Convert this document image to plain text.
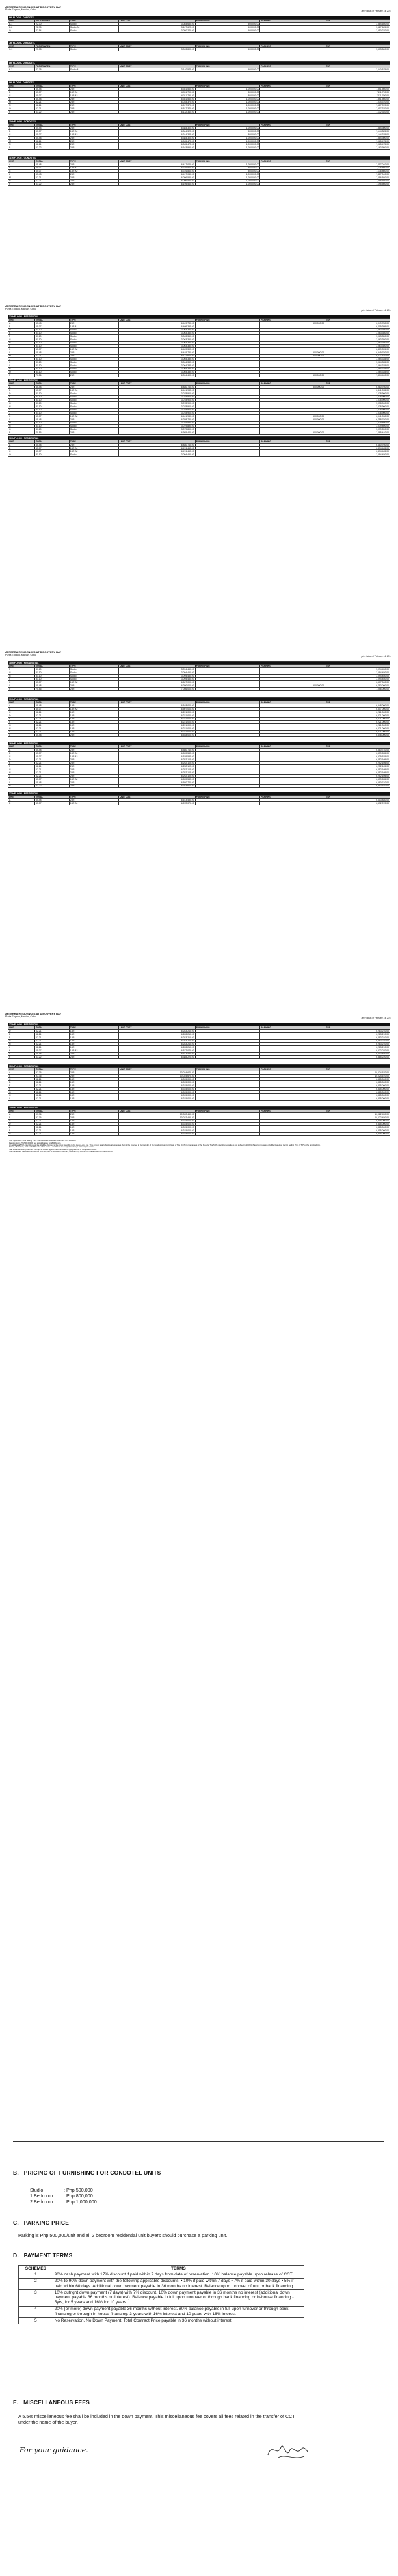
ARTERRA RESIDENCES AT DISCOVERY BAY
Punta Engano, Mactan, Cebu	price list as of February 14, 2014
6th FLOOR - CONDOTEL						
UNIT	FLOOR AREA	TYPE	UNIT COST	FURNISHING	PARKING	TSP
B-1	22.30	Studio	3,084,650.00	500,000.00		3,584,650.00
B-2	22.75	Studio A1	3,127,625.00	500,000.00		3,627,625.00
Q	22.94	Studio	3,050,270.00	500,000.00		3,550,270.00
7th FLOOR - CONDOTEL						
UNIT	FLOOR AREA	TYPE	UNIT COST	FURNISHING	PARKING	TSP
K-1	25.38	Studio	3,003,800.00	500,000.00		3,503,800.00
8th FLOOR - CONDOTEL						
UNIT	FLOOR AREA	TYPE	UNIT COST	FURNISHING	PARKING	TSP
K-2	22.75	Studio A1	3,140,575.00	500,000.00		3,640,575.00
9th FLOOR - CONDOTEL						
UNIT	TOTAL	TYPE	UNIT COST	FURNISHING	PARKING	TSP
A	65.48	2BR	6,351,560.00	1,000,000.00		7,351,560.00
B	65.07	1BR A1	6,311,790.00	800,000.00		7,111,790.00
C	65.07	1BR A2	6,311,790.00	800,000.00		7,111,790.00
L	65.48	2BR	6,351,560.00	1,000,000.00		7,351,560.00
M	62.21	2BR	6,034,370.00	1,000,000.00		7,034,370.00
N	62.21	2BR	6,517,370.00	1,000,000.00		7,517,370.00
O	62.21	2BR	6,517,370.00	1,000,000.00		7,517,370.00
P	63.22	2BR	6,132,340.00	1,000,000.00		7,132,340.00
10th FLOOR - CONDOTEL						
UNIT	TOTAL	TYPE	UNIT COST	FURNISHING	PARKING	TSP
A	65.48	2BR	6,384,300.00	1,000,000.00		7,384,300.00
B	65.07	1BR A1	6,344,325.00	800,000.00		7,144,325.00
C	65.07	1BR A2	6,344,325.00	800,000.00		7,144,325.00
L	65.48	2BR	6,384,300.00	1,000,000.00		7,384,300.00
M	62.21	2BR	6,065,475.00	1,000,000.00		7,065,475.00
N	62.21	2BR	6,065,475.00	1,000,000.00		7,065,475.00
P	63.22	2BR	6,163,950.00	1,000,000.00		7,163,950.00
11th FLOOR - CONDOTEL						
UNIT	TOTAL	TYPE	UNIT COST	FURNISHING	PARKING	TSP
A	65.48	2BR	6,417,040.00	1,000,000.00		7,417,040.00
B	65.07	1BR A1	6,376,860.00	800,000.00		7,176,860.00
C	65.07	1BR A2	6,376,860.00	800,000.00		7,176,860.00
L	65.48	2BR	6,417,040.00	1,000,000.00		7,417,040.00
M	62.21	2BR	6,096,580.00	1,000,000.00		7,096,580.00
N	62.21	2BR	6,096,580.00	1,000,000.00		7,096,580.00
P	63.22	2BR	6,195,560.00	1,000,000.00		7,195,560.00
ARTERRA RESIDENCES AT DISCOVERY BAY
Punta Engano, Mactan, Cebu	price list as of February 14, 2014
12th FLOOR - RESIDENTIAL						
UNIT	TOTAL	TYPE	UNIT COST	FURNISHING	PARKING	TSP
A	65.48	2BR	6,449,780.00		500,000.00	6,949,780.00
B	65.07	1BR A1	6,409,395.00			6,409,395.00
D	31.10	Studio	3,063,350.00			3,063,350.00
E	31.10	Studio	3,063,350.00			3,063,350.00
F	31.10	Studio	3,063,350.00			3,063,350.00
G	31.10	Studio	3,063,350.00			3,063,350.00
H	31.10	Studio	3,063,350.00			3,063,350.00
I	31.10	Studio	3,063,350.00			3,063,350.00
K	65.07	1BR A2	6,409,395.00			6,409,395.00
L	65.48	2BR	6,449,780.00		500,000.00	6,949,780.00
M	62.21	2BR	6,127,670.00		500,000.00	6,627,670.00
J	31.10	Studio	3,064,335.00			3,064,335.00
K	31.10	Studio	3,064,335.00			3,064,335.00
L	31.10	Studio	3,064,335.00			3,064,335.00
N	31.10	Studio	3,064,335.00			3,064,335.00
O	31.10	Studio	3,064,335.00			3,064,335.00
P	70.56	2BR	6,904,400.00		500,000.00	7,404,400.00
15th FLOOR - RESIDENTIAL						
UNIT	TOTAL	TYPE	UNIT COST	FURNISHING	PARKING	TSP
A	65.48	2BR	6,480,760.00		500,000.00	6,980,760.00
B	65.07	1BR A1	6,441,935.00			6,441,935.00
D	31.10	Studio	3,078,900.00			3,078,900.00
E	31.10	Studio	3,078,900.00			3,078,900.00
F	31.10	Studio	3,078,900.00			3,078,900.00
G	31.10	Studio	3,078,900.00			3,078,900.00
H	31.10	Studio	3,078,900.00			3,078,900.00
I	31.10	Studio	3,078,900.00			3,078,900.00
J	31.10	Studio	3,078,900.00			3,078,900.00
K	65.07	1BR A2	6,441,930.00		500,000.00	6,941,930.00
L	65.48	2BR	6,258,780.00		500,000.00	6,758,780.00
M	31.10	Studio	3,079,890.00			3,079,890.00
N	31.10	Studio	3,079,890.00			3,079,890.00
O	31.10	Studio	3,079,890.00			3,079,890.00
P	70.56	2BR	6,985,440.00		500,000.00	7,485,440.00
16th FLOOR - RESIDENTIAL						
UNIT	TOTAL	TYPE	UNIT COST	FURNISHING	PARKING	TSP
A	65.48	2BR	6,480,760.00			6,480,760.00
B	65.07	1BR A1	6,474,465.00			6,474,465.00
C	65.07	1BR A2	6,474,465.00			6,474,465.00
O	31.10	Studio	3,094,450.00			3,094,450.00
ARTERRA RESIDENCES AT DISCOVERY BAY
Punta Engano, Mactan, Cebu	price list as of February 14, 2014
18th FLOOR - RESIDENTIAL						
UNIT	TOTAL	TYPE	UNIT COST	FURNISHING	PARKING	TSP
F	31.10	Studio	3,094,450.00			3,094,450.00
G	31.10	Studio	3,094,450.00			3,094,450.00
H	31.10	Studio	3,094,450.00			3,094,450.00
I	31.10	Studio	3,094,450.00			3,094,450.00
K	65.07	1BR A2	6,507,000.00			6,507,000.00
L	65.48	2BR	6,290,000.00		500,000.00	6,790,000.00
P	70.56	2BR	7,056,000.00			7,056,000.00
19th FLOOR - RESIDENTIAL						
UNIT	TOTAL	TYPE	UNIT COST	FURNISHING	PARKING	TSP
A	65.48	1BR	6,548,000.00			6,548,000.00
B	65.07	1BR A2	6,507,000.00			6,507,000.00
C	62.21	1BR	6,221,000.00			6,221,000.00
D	62.21	1BR	6,221,000.00			6,221,000.00
E	62.21	1BR	6,221,000.00			6,221,000.00
F	62.21	1BR	6,221,000.00			6,221,000.00
G	62.21	1BR	6,221,000.00			6,221,000.00
H	62.21	1BR	6,221,000.00			6,221,000.00
I	62.21	1BR	6,221,000.00			6,221,000.00
L	65.48	2BR	6,548,000.00			6,548,000.00
16th FLOOR - RESIDENTIAL						
UNIT	TOTAL	TYPE	UNIT COST	FURNISHING	PARKING	TSP
A	65.48	2BR	6,580,740.00			6,580,740.00
B	65.07	1BR A1	6,539,535.00			6,539,535.00
C	65.07	1BR A2	6,539,535.00			6,539,535.00
D	62.21	2BR	6,252,105.00			6,252,105.00
E	62.21	2BR	6,252,105.00			6,252,105.00
F	62.21	2BR	6,252,105.00			6,252,105.00
G	62.21	2BR	6,252,105.00			6,252,105.00
H	62.21	2BR	6,252,105.00			6,252,105.00
I	62.21	2BR	6,252,105.00			6,252,105.00
K	65.07	1BR A2	6,539,535.00			6,539,535.00
L	65.48	2BR	6,580,740.00			6,580,740.00
N	63.22	2BR	6,353,610.00			6,353,610.00
17th FLOOR - RESIDENTIAL						
UNIT	TOTAL	TYPE	UNIT COST	FURNISHING	PARKING	TSP
A	65.48	2BR	6,613,480.00			6,613,480.00
B	65.07	1BR A1	6,572,070.00			6,572,070.00
ARTERRA RESIDENCES AT DISCOVERY BAY
Punta Engano, Mactan, Cebu	price list as of February 14, 2014
17th FLOOR - RESIDENTIAL						
UNIT	TOTAL	TYPE	UNIT COST	FURNISHING	PARKING	TSP
D	62.21	1BR	6,283,210.00			6,283,210.00
E	62.21	1BR	6,283,210.00			6,283,210.00
F	62.21	1BR	6,283,210.00			6,283,210.00
G	62.21	1BR	6,283,210.00			6,283,210.00
H	62.21	1BR	6,283,210.00			6,283,210.00
I	62.21	1BR	6,283,210.00			6,283,210.00
K	65.07	1BR A2	6,572,070.00			6,572,070.00
L	65.48	2BR	6,613,480.00			6,613,480.00
P	63.22	2BR	6,385,220.00			6,385,220.00
18th FLOOR - RESIDENTIAL						
UNIT	TOTAL	TYPE	UNIT COST	FURNISHING	PARKING	TSP
A	97.76	2BR	10,024,670.00			10,024,670.00
B	97.76	2BR	10,024,670.00			10,024,670.00
C	62.21	1BR	6,315,000.00			6,315,000.00
D	62.21	1BR	6,315,000.00			6,315,000.00
E	62.21	1BR	6,315,000.00			6,315,000.00
F	62.21	1BR	6,315,000.00			6,315,000.00
G	62.21	1BR	6,315,000.00			6,315,000.00
H	62.21	1BR	6,315,000.00			6,315,000.00
I	62.21	1BR	6,315,000.00			6,315,000.00
20th FLOOR - RESIDENTIAL						
UNIT	TOTAL	TYPE	UNIT COST	FURNISHING	PARKING	TSP
A	97.76	2BR	10,022,450.00			10,022,450.00
B	97.76	2BR	10,022,450.00			10,022,450.00
C	62.21	1BR	6,315,000.00			6,315,000.00
D	62.21	1BR	6,315,000.00			6,315,000.00
E	62.21	1BR	6,315,000.00			6,315,000.00
F	62.21	1BR	6,315,000.00			6,315,000.00
G	62.21	1BR	6,315,000.00			6,315,000.00
TSP represents Total Selling Price - All unit costs reflected herein are VAT inclusive.
Parking slot is Php500,000.00 per slot obligatory for 2BR buyers.
An additional 5.5% miscellaneous fee shall be charged to the buyer, payable to the Lucio Land, Inc. This amount shall absolve all expenses that will be incurred in the transfer of the Condominium Certificate of Title (CCT) to the name/s of the buyer/s. The 5.5% miscellaneous fee is not subject to 10% VAT and computation shall be based on the list Selling Price (TSP) of the units/parking.
Prices, allocations, and availability and other terms & conditions are subject to change without prior notice.
Sta. Lucia Marketing reserves the right to correct figures herein in case of typographical or computation error.
The contents of this statement do not form any part of an offer or contract, nor shall any contract be made based on the contents.
B. PRICING OF FURNISHING FOR CONDOTEL UNITS
Studio	: Php 500,000
1 Bedroom : Php 800,000
2 Bedroom : Php 1,000,000
C. PARKING PRICE
Parking is Php 500,000/unit and all 2 bedroom residential unit buyers should purchase a parking unit.
D. PAYMENT TERMS
SCHEMES	TERMS
1	90% cash payment with 17% discount if paid within 7 days from date of reservation. 10% balance payable upon release of CCT
2	20% to 90% down payment with the following applicable discounts: • 10% if paid within 7 days • 7% if paid within 30 days • 5% if paid within 60 days. Additional down payment payable in 36 months no interest. Balance upon turnover of unit or bank financing
3	10% outright down payment (7 days) with 7% discount. 10% down payment payable in 36 months no interest (additional down payment payable 36 months no interest). Balance payable in full upon turnover or through bank financing or in-house financing - 5yrs, for 5 years and 16% for 10 years
4	20% (or more) down payment payable 36 months without interest. 80% balance payable in full upon turnover or through bank financing or through in-house financing: 3 years with 16% interest and 10 years with 16% interest
5	No Reservation, No Down Payment. Total Contract Price payable in 36 months without interest
E. MISCELLANEOUS FEES
A 5.5% miscellaneous fee shall be included in the down payment. This miscellaneous fee covers all fees related in the transfer of CCT under the name of the buyer.
For your guidance.
